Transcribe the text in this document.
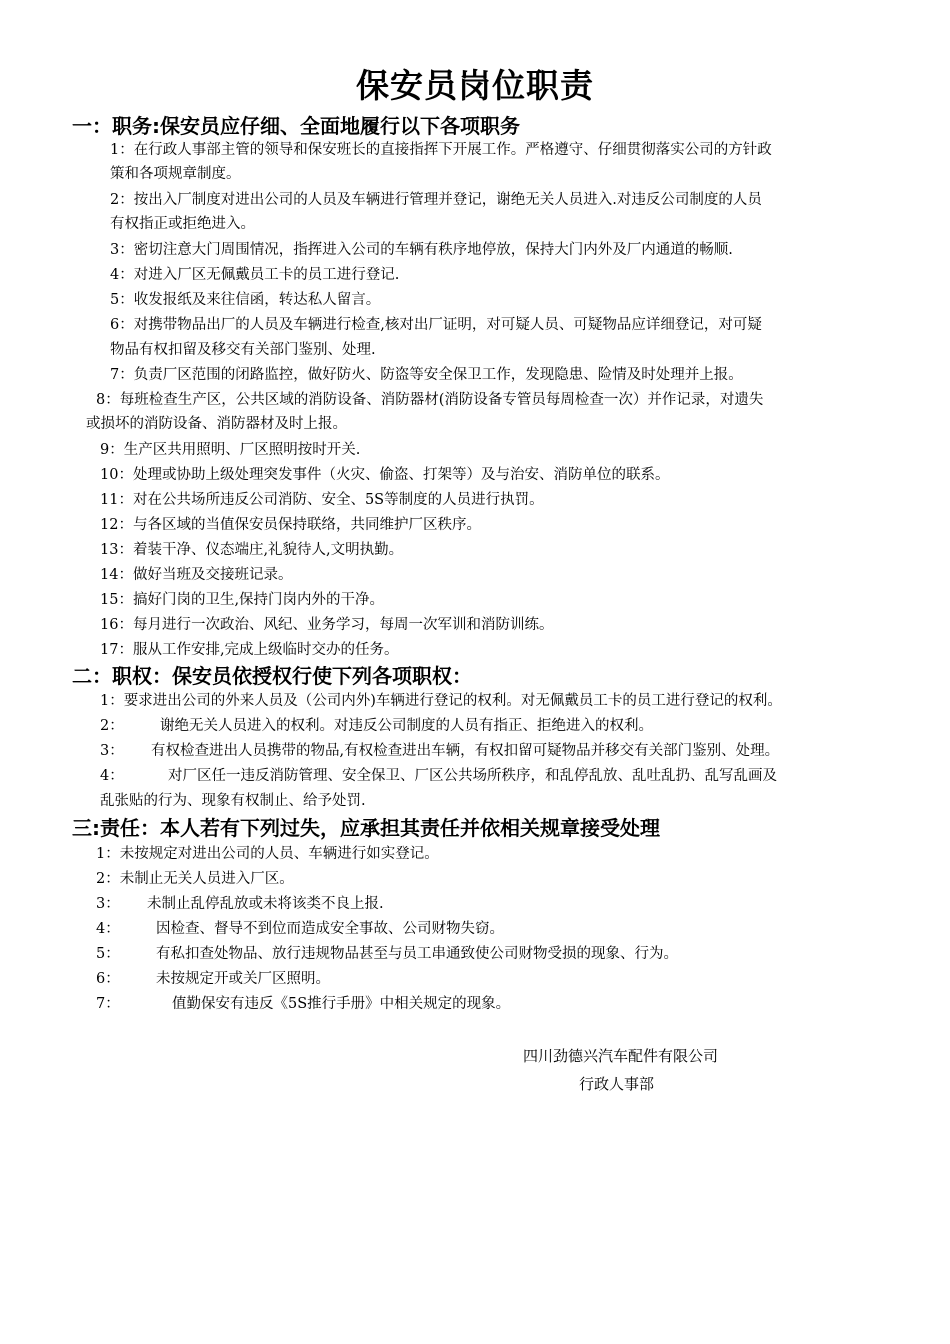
保安员岗位职责
一：职务:保安员应仔细、全面地履行以下各项职务
1：在行政人事部主管的领导和保安班长的直接指挥下开展工作。严格遵守、仔细贯彻落实公司的方针政
策和各项规章制度。
2：按出入厂制度对进出公司的人员及车辆进行管理并登记，谢绝无关人员进入.对违反公司制度的人员
有权指正或拒绝进入。
3：密切注意大门周围情况，指挥进入公司的车辆有秩序地停放，保持大门内外及厂内通道的畅顺.
4：对进入厂区无佩戴员工卡的员工进行登记.
5：收发报纸及来往信函，转达私人留言。
6：对携带物品出厂的人员及车辆进行检查,核对出厂证明，对可疑人员、可疑物品应详细登记，对可疑
物品有权扣留及移交有关部门鉴别、处理.
7：负责厂区范围的闭路监控，做好防火、防盗等安全保卫工作，发现隐患、险情及时处理并上报。
8：每班检查生产区，公共区域的消防设备、消防器材(消防设备专管员每周检查一次）并作记录，对遗失
或损坏的消防设备、消防器材及时上报。
9：生产区共用照明、厂区照明按时开关.
10：处理或协助上级处理突发事件（火灾、偷盗、打架等）及与治安、消防单位的联系。
11：对在公共场所违反公司消防、安全、5S等制度的人员进行执罚。
12：与各区域的当值保安员保持联络，共同维护厂区秩序。
13：着装干净、仪态端庄,礼貌待人,文明执勤。
14：做好当班及交接班记录。
15：搞好门岗的卫生,保持门岗内外的干净。
16：每月进行一次政治、风纪、业务学习，每周一次军训和消防训练。
17：服从工作安排,完成上级临时交办的任务。
二：职权：保安员依授权行使下列各项职权：
1：要求进出公司的外来人员及（公司内外)车辆进行登记的权利。对无佩戴员工卡的员工进行登记的权利。
2：	谢绝无关人员进入的权利。对违反公司制度的人员有指正、拒绝进入的权利。
3： 有权检查进出人员携带的物品,有权检查进出车辆，有权扣留可疑物品并移交有关部门鉴别、处理。
4：	对厂区任一违反消防管理、安全保卫、厂区公共场所秩序，和乱停乱放、乱吐乱扔、乱写乱画及
乱张贴的行为、现象有权制止、给予处罚.
三:责任：本人若有下列过失，应承担其责任并依相关规章接受处理
1：未按规定对进出公司的人员、车辆进行如实登记。
2：未制止无关人员进入厂区。
3： 未制止乱停乱放或未将该类不良上报.
4：	因检查、督导不到位而造成安全事故、公司财物失窃。
5：	有私扣查处物品、放行违规物品甚至与员工串通致使公司财物受损的现象、行为。
6：	未按规定开或关厂区照明。
7：	值勤保安有违反《5S推行手册》中相关规定的现象。
四川劲德兴汽车配件有限公司
行政人事部
